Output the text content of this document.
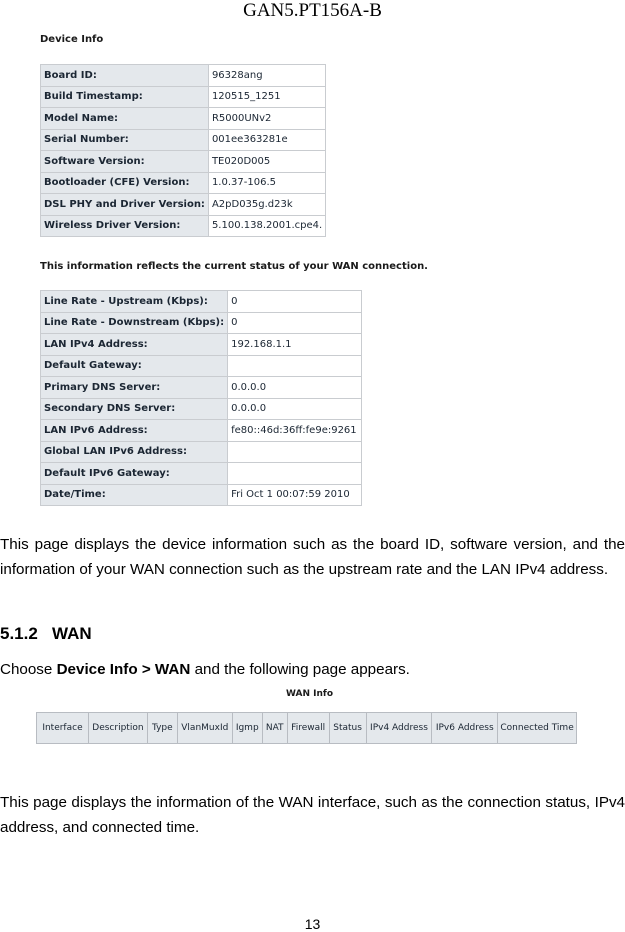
GAN5.PT156A-B
Device Info
Board ID:	96328ang
Build Timestamp:	120515_1251
Model Name:	R5000UNv2
Serial Number:	001ee363281e
Software Version:	TE020D005
Bootloader (CFE) Version:	1.0.37-106.5
DSL PHY and Driver Version:	A2pD035g.d23k
Wireless Driver Version:	5.100.138.2001.cpe4.
This information reflects the current status of your WAN connection.
Line Rate - Upstream (Kbps):	0
Line Rate - Downstream (Kbps):	0
LAN IPv4 Address:	192.168.1.1
Default Gateway:	
Primary DNS Server:	0.0.0.0
Secondary DNS Server:	0.0.0.0
LAN IPv6 Address:	fe80::46d:36ff:fe9e:9261
Global LAN IPv6 Address:	
Default IPv6 Gateway:	
Date/Time:	Fri Oct 1 00:07:59 2010
This page displays the device information such as the board ID, software version, and the information of your WAN connection such as the upstream rate and the LAN IPv4 address.
5.1.2 WAN
Choose Device Info > WAN and the following page appears.
WAN Info
Interface	Description	Type	VlanMuxId	Igmp	NAT	Firewall	Status	IPv4 Address	IPv6 Address	Connected Time
This page displays the information of the WAN interface, such as the connection status, IPv4 address, and connected time.
13
